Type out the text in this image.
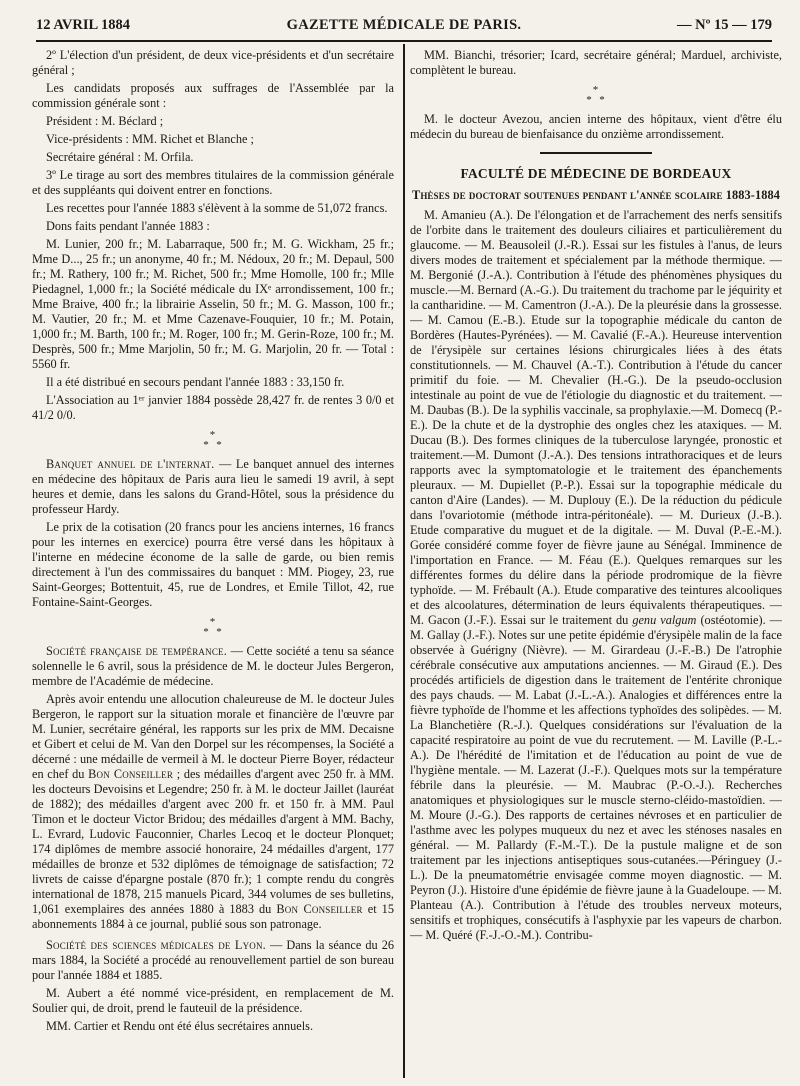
12 AVRIL 1884	GAZETTE MÉDICALE DE PARIS.	— Nº 15 — 179

2º L'élection d'un président, de deux vice-présidents et d'un secrétaire général ;

Les candidats proposés aux suffrages de l'Assemblée par la commission générale sont :

Président : M. Béclard ;

Vice-présidents : MM. Richet et Blanche ;

Secrétaire général : M. Orfila.

3º Le tirage au sort des membres titulaires de la commission générale et des suppléants qui doivent entrer en fonctions.

Les recettes pour l'année 1883 s'élèvent à la somme de 51,072 francs.

Dons faits pendant l'année 1883 :

M. Lunier, 200 fr.; M. Labarraque, 500 fr.; M. G. Wickham, 25 fr.; Mme D..., 25 fr.; un anonyme, 40 fr.; M. Nédoux, 20 fr.; M. Depaul, 500 fr.; M. Rathery, 100 fr.; M. Richet, 500 fr.; Mme Homolle, 100 fr.; Mlle Piedagnel, 1,000 fr.; la Société médicale du IXᵉ arrondissement, 100 fr.; Mme Braive, 400 fr.; la librairie Asselin, 50 fr.; M. G. Masson, 100 fr.; M. Vautier, 20 fr.; M. et Mme Cazenave-Fouquier, 10 fr.; M. Potain, 1,000 fr.; M. Barth, 100 fr.; M. Roger, 100 fr.; M. Gerin-Roze, 100 fr.; M. Desprès, 500 fr.; Mme Marjolin, 50 fr.; M. G. Marjolin, 20 fr. — Total : 5560 fr.

Il a été distribué en secours pendant l'année 1883 : 33,150 fr.

L'Association au 1ᵉʳ janvier 1884 possède 28,427 fr. de rentes 3 0/0 et 41/2 0/0.

*
*  *

Banquet annuel de l'internat. — Le banquet annuel des internes en médecine des hôpitaux de Paris aura lieu le samedi 19 avril, à sept heures et demie, dans les salons du Grand-Hôtel, sous la présidence du professeur Hardy.

Le prix de la cotisation (20 francs pour les anciens internes, 16 francs pour les internes en exercice) pourra être versé dans les hôpitaux à l'interne en médecine économe de la salle de garde, ou bien remis directement à l'un des commissaires du banquet : MM. Piogey, 23, rue Saint-Georges; Bottentuit, 45, rue de Londres, et Emile Tillot, 42, rue Fontaine-Saint-Georges.

*
*  *

Société française de tempérance. — Cette société a tenu sa séance solennelle le 6 avril, sous la présidence de M. le docteur Jules Bergeron, membre de l'Académie de médecine.

Après avoir entendu une allocution chaleureuse de M. le docteur Jules Bergeron, le rapport sur la situation morale et financière de l'œuvre par M. Lunier, secrétaire général, les rapports sur les prix de MM. Decaisne et Gibert et celui de M. Van den Dorpel sur les récompenses, la Société a décerné : une médaille de vermeil à M. le docteur Pierre Boyer, rédacteur en chef du Bon Conseiller ; des médailles d'argent avec 250 fr. à MM. les docteurs Devoisins et Legendre; 250 fr. à M. le docteur Jaillet (lauréat de 1882); des médailles d'argent avec 200 fr. et 150 fr. à MM. Paul Timon et le docteur Victor Bridou; des médailles d'argent à MM. Bachy, L. Evrard, Ludovic Fauconnier, Charles Lecoq et le docteur Plonquet; 174 diplômes de membre associé honoraire, 24 médailles d'argent, 177 médailles de bronze et 532 diplômes de témoignage de satisfaction; 72 livrets de caisse d'épargne postale (870 fr.); 1 compte rendu du congrès international de 1878, 215 manuels Picard, 344 volumes de ses bulletins, 1,061 exemplaires des années 1880 à 1883 du Bon Conseiller et 15 abonnements 1884 à ce journal, publié sous son patronage.

Société des sciences médicales de Lyon. — Dans la séance du 26 mars 1884, la Société a procédé au renouvellement partiel de son bureau pour l'année 1884 et 1885.

M. Aubert a été nommé vice-président, en remplacement de M. Soulier qui, de droit, prend le fauteuil de la présidence.

MM. Cartier et Rendu ont été élus secrétaires annuels.

MM. Bianchi, trésorier; Icard, secrétaire général; Marduel, archiviste, complètent le bureau.

*
*  *

M. le docteur Avezou, ancien interne des hôpitaux, vient d'être élu médecin du bureau de bienfaisance du onzième arrondissement.

FACULTÉ DE MÉDECINE DE BORDEAUX
Thèses de doctorat soutenues pendant l'année scolaire 1883-1884

M. Amanieu (A.). De l'élongation et de l'arrachement des nerfs sensitifs de l'orbite dans le traitement des douleurs ciliaires et particulièrement du glaucome. — M. Beausoleil (J.-R.). Essai sur les fistules à l'anus, de leurs divers modes de traitement et spécialement par la méthode thermique. — M. Bergonié (J.-A.). Contribution à l'étude des phénomènes physiques du muscle.—M. Bernard (A.-G.). Du traitement du trachome par le jéquirity et la cantharidine. — M. Camentron (J.-A.). De la pleurésie dans la grossesse. — M. Camou (E.-B.). Etude sur la topographie médicale du canton de Bordères (Hautes-Pyrénées). — M. Cavalié (F.-A.). Heureuse intervention de l'érysipèle sur certaines lésions chirurgicales liées à des états constitutionnels. — M. Chauvel (A.-T.). Contribution à l'étude du cancer primitif du foie. — M. Chevalier (H.-G.). De la pseudo-occlusion intestinale au point de vue de l'étiologie du diagnostic et du traitement. — M. Daubas (B.). De la syphilis vaccinale, sa prophylaxie.—M. Domecq (P.-E.). De la chute et de la dystrophie des ongles chez les ataxiques. — M. Ducau (B.). Des formes cliniques de la tuberculose laryngée, pronostic et traitement.—M. Dumont (J.-A.). Des tensions intrathoraciques et de leurs rapports avec la symptomatologie et le traitement des épanchements pleuraux. — M. Dupiellet (P.-P.). Essai sur la topographie médicale du canton d'Aire (Landes). — M. Duplouy (E.). De la réduction du pédicule dans l'ovariotomie (méthode intra-péritonéale). — M. Durieux (J.-B.). Etude comparative du muguet et de la digitale. — M. Duval (P.-E.-M.). Gorée considéré comme foyer de fièvre jaune au Sénégal. Imminence de l'importation en France. — M. Féau (E.). Quelques remarques sur les différentes formes du délire dans la période prodromique de la fièvre typhoïde. — M. Frébault (A.). Etude comparative des teintures alcooliques et des alcoolatures, détermination de leurs équivalents thérapeutiques. — M. Gacon (J.-F.). Essai sur le traitement du genu valgum (ostéotomie). — M. Gallay (J.-F.). Notes sur une petite épidémie d'érysipèle malin de la face observée à Guérigny (Nièvre). — M. Girardeau (J.-F.-B.) De l'atrophie cérébrale consécutive aux amputations anciennes. — M. Giraud (E.). Des procédés artificiels de digestion dans le traitement de l'entérite chronique des pays chauds. — M. Labat (J.-L.-A.). Analogies et différences entre la fièvre typhoïde de l'homme et les affections typhoïdes des solipèdes. — M. La Blanchetière (R.-J.). Quelques considérations sur l'évaluation de la capacité respiratoire au point de vue du recrutement. — M. Laville (P.-L.-A.). De l'hérédité de l'imitation et de l'éducation au point de vue de l'hygiène mentale. — M. Lazerat (J.-F.). Quelques mots sur la température fébrile dans la pleurésie. — M. Maubrac (P.-O.-J.). Recherches anatomiques et physiologiques sur le muscle sterno-cléido-mastoïdien. — M. Moure (J.-G.). Des rapports de certaines névroses et en particulier de l'asthme avec les polypes muqueux du nez et avec les sténoses nasales en général. — M. Pallardy (F.-M.-T.). De la pustule maligne et de son traitement par les injections antiseptiques sous-cutanées.—Péringuey (J.-L.). De la pneumatométrie envisagée comme moyen diagnostic. — M. Peyron (J.). Histoire d'une épidémie de fièvre jaune à la Guadeloupe. — M. Planteau (A.). Contribution à l'étude des troubles nerveux moteurs, sensitifs et trophiques, consécutifs à l'asphyxie par les vapeurs de charbon. — M. Quéré (F.-J.-O.-M.). Contribu-
